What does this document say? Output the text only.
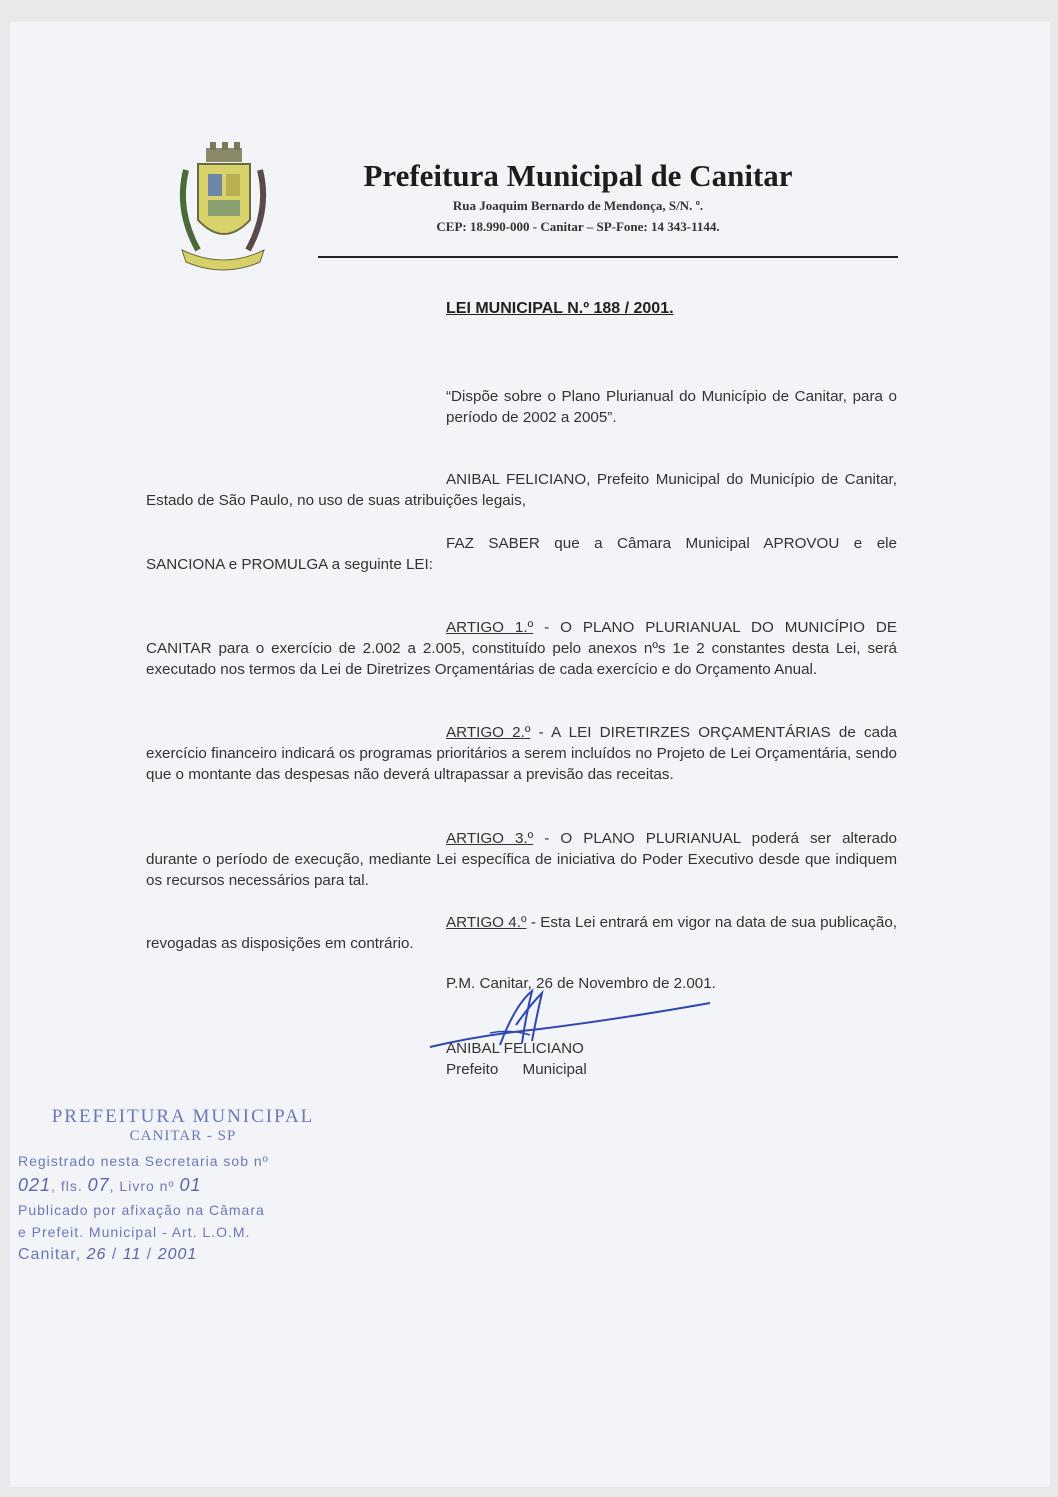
Prefeitura Municipal de Canitar
Rua Joaquim Bernardo de Mendonça, S/N. º.
CEP: 18.990-000 - Canitar – SP-Fone: 14 343-1144.
LEI MUNICIPAL N.º 188 / 2001.
“Dispõe sobre o Plano Plurianual do Município de Canitar, para o período de 2002 a 2005”.
ANIBAL FELICIANO, Prefeito Municipal do Município de Canitar, Estado de São Paulo, no uso de suas atribuições legais,
FAZ SABER que a Câmara Municipal APROVOU e ele SANCIONA e PROMULGA a seguinte LEI:
ARTIGO 1.º - O PLANO PLURIANUAL DO MUNICÍPIO DE CANITAR para o exercício de 2.002 a 2.005, constituído pelo anexos nºs 1e 2 constantes desta Lei, será executado nos termos da Lei de Diretrizes Orçamentárias de cada exercício e do Orçamento Anual.
ARTIGO 2.º - A LEI DIRETIRZES ORÇAMENTÁRIAS de cada exercício financeiro indicará os programas prioritários a serem incluídos no Projeto de Lei Orçamentária, sendo que o montante das despesas não deverá ultrapassar a previsão das receitas.
ARTIGO 3.º - O PLANO PLURIANUAL poderá ser alterado durante o período de execução, mediante Lei específica de iniciativa do Poder Executivo desde que indiquem os recursos necessários para tal.
ARTIGO 4.º - Esta Lei entrará em vigor na data de sua publicação, revogadas as disposições em contrário.
P.M. Canitar, 26 de Novembro de 2.001.
ANIBAL FELICIANO
Prefeito Municipal
PREFEITURA MUNICIPAL
CANITAR - SP
Registrado nesta Secretaria sob nº
021, fls. 07, Livro nº 01
Publicado por afixação na Câmara
e Prefeit. Municipal - Art. L.O.M.
Canitar, 26 / 11 / 2001
